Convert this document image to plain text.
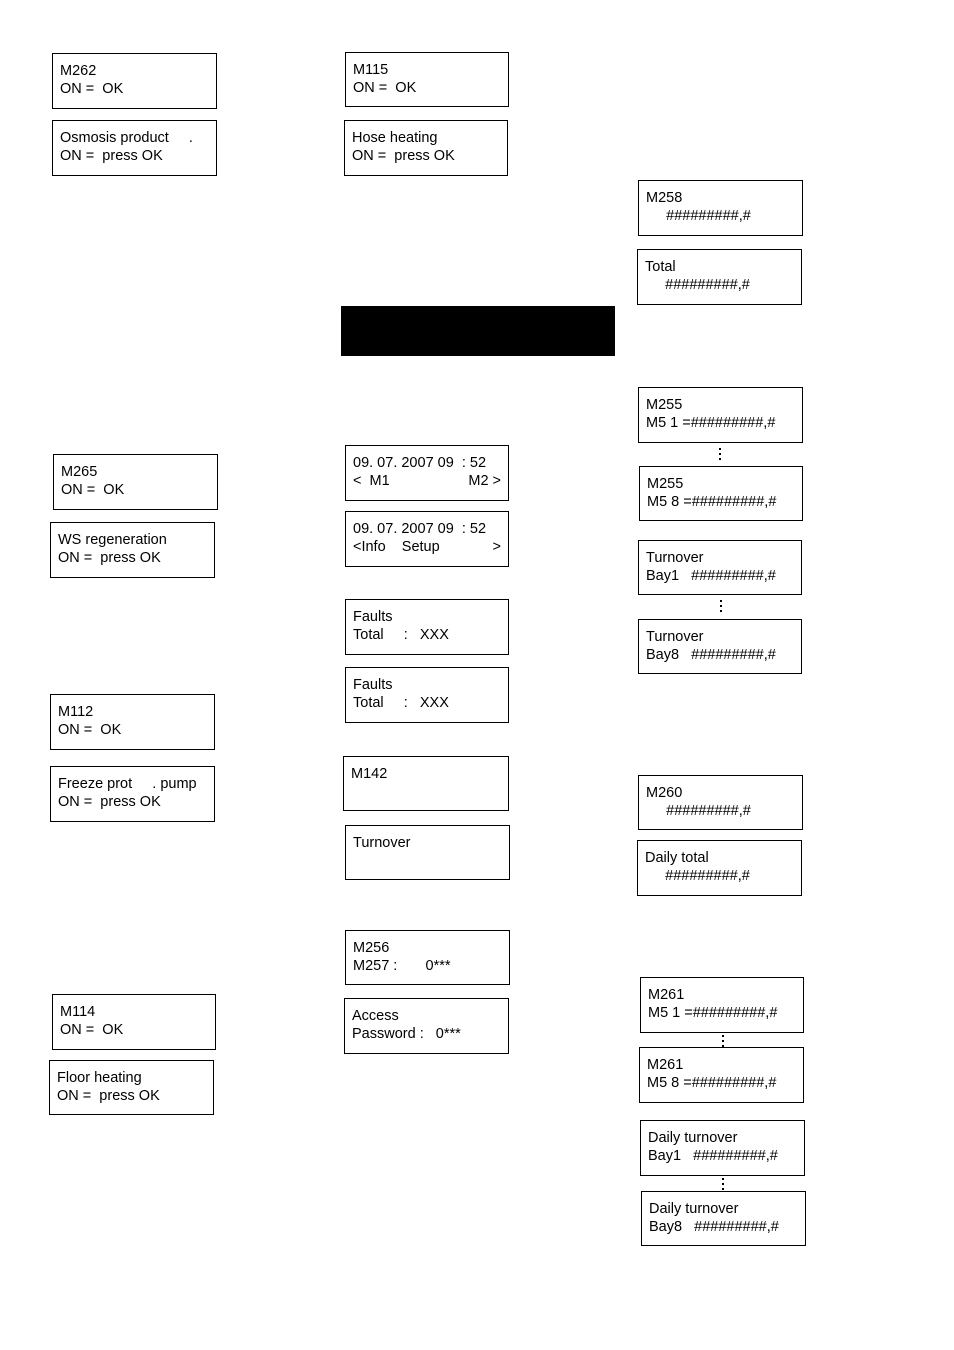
M262
ON =  OK
Osmosis product     .
ON =  press OK
M265
ON =  OK
WS regeneration
ON =  press OK
M112
ON =  OK
Freeze prot     . pump
ON =  press OK
M114
ON =  OK
Floor heating
ON =  press OK
M115
ON =  OK
Hose heating
ON =  press OK
09. 07. 2007 09  : 52
<  M1	M2 >
09. 07. 2007 09  : 52
<Info    Setup	>
Faults
Total     :   XXX
Faults
Total     :   XXX
M142
Turnover
M256
M257 :       0***
Access
Password :   0***
M258
#########,#
Total
#########,#
M255
M5 1 =#########,#
M255
M5 8 =#########,#
Turnover
Bay1   #########,#
Turnover
Bay8   #########,#
M260
#########,#
Daily total
#########,#
M261
M5 1 =#########,#
M261
M5 8 =#########,#
Daily turnover
Bay1   #########,#
Daily turnover
Bay8   #########,#
